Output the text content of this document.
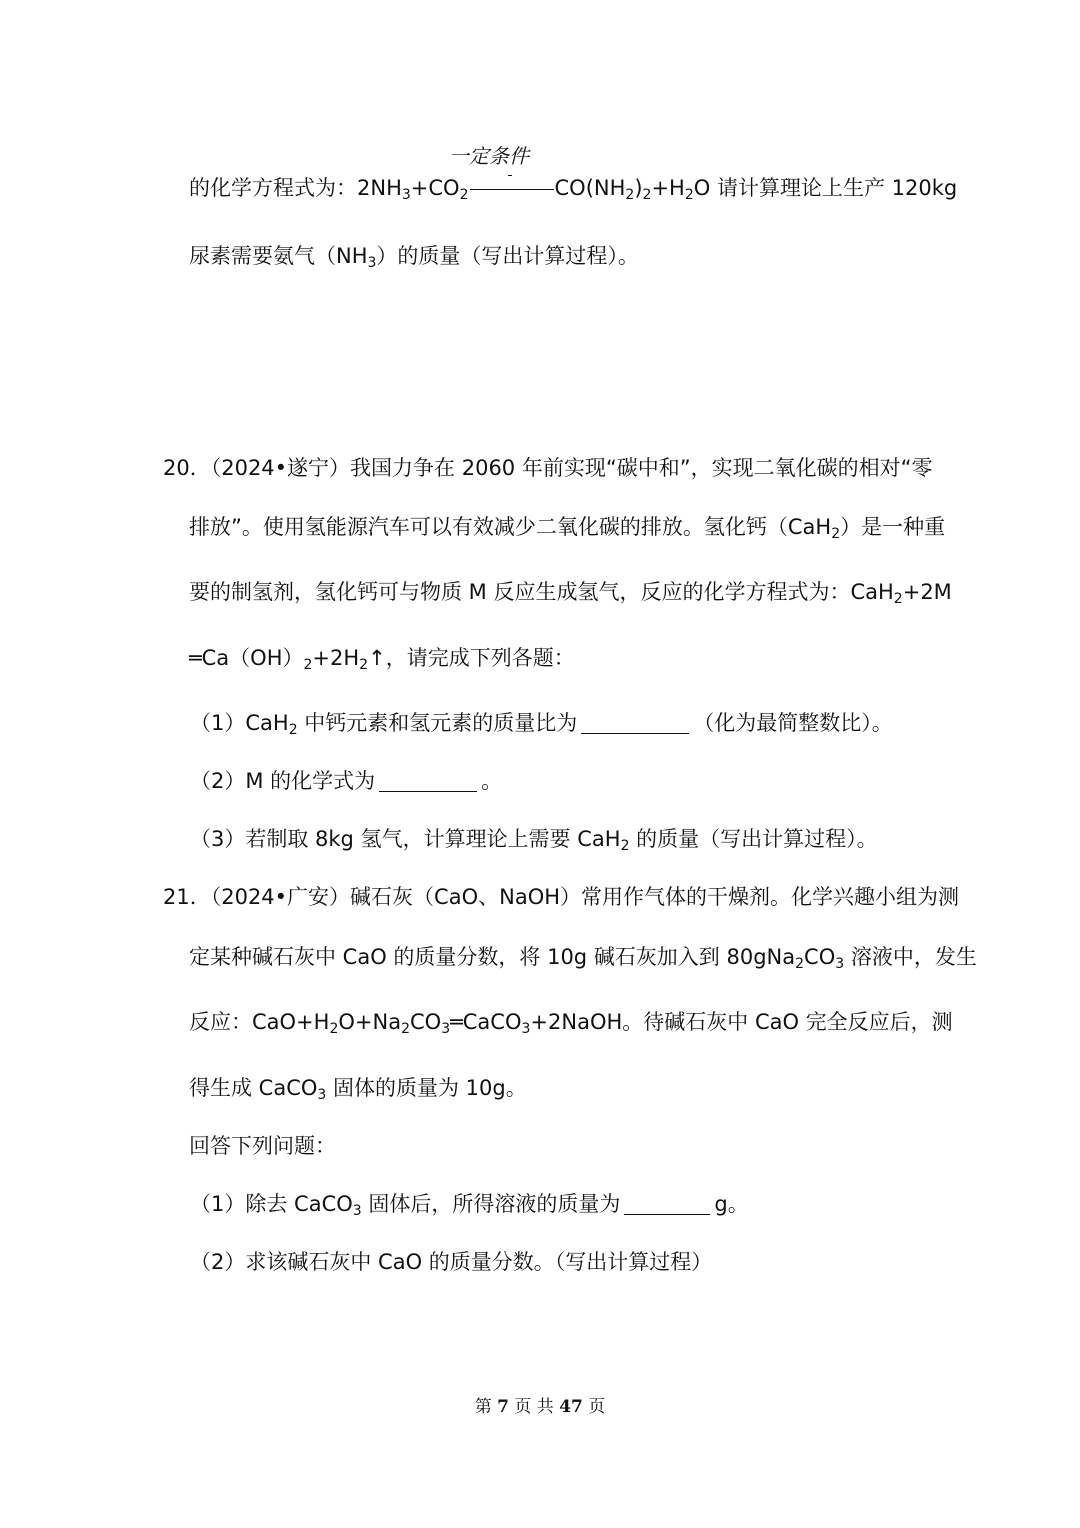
一定条件
的化学方程式为：$2NH_3+CO_2$	$CO(NH_2)_2+H_2O$ 请计算理论上生产 120kg
尿素需要氨气$(NH_3)$的质量（写出计算过程）。
20．（2024•遂宁）我国力争在 2060 年前实现“碳中和”，实现二氧化碳的相对“零
排放”。使用氢能源汽车可以有效减少二氧化碳的排放。氢化钙（CaH$_2$）是一种重
要的制氢剂，氢化钙可与物质 M 反应生成氢气，反应的化学方程式为：CaH$_2$+2M
$═Ca(OH)_2+2H_2↑$，请完成下列各题：
（1）CaH$_2$ 中钙元素和氢元素的质量比为	（化为最简整数比）。
（2）M 的化学式为	。
（3）若制取 8kg 氢气，计算理论上需要 CaH$_2$ 的质量（写出计算过程）。
21．（2024•广安）碱石灰（CaO、NaOH）常用作气体的干燥剂。化学兴趣小组为测
定某种碱石灰中 CaO 的质量分数，将 10g 碱石灰加入到 $80gNa_2CO_3$ 溶液中，发生
反应：$CaO+H_2O+Na_2CO_3═CaCO_3+2NaOH$。待碱石灰中 CaO 完全反应后，测
得生成 CaCO$_3$ 固体的质量为 10g。
回答下列问题：
（1）除去 CaCO$_3$ 固体后，所得溶液的质量为	g。
（2）求该碱石灰中 CaO 的质量分数。（写出计算过程）
第 7 页 共 47 页
